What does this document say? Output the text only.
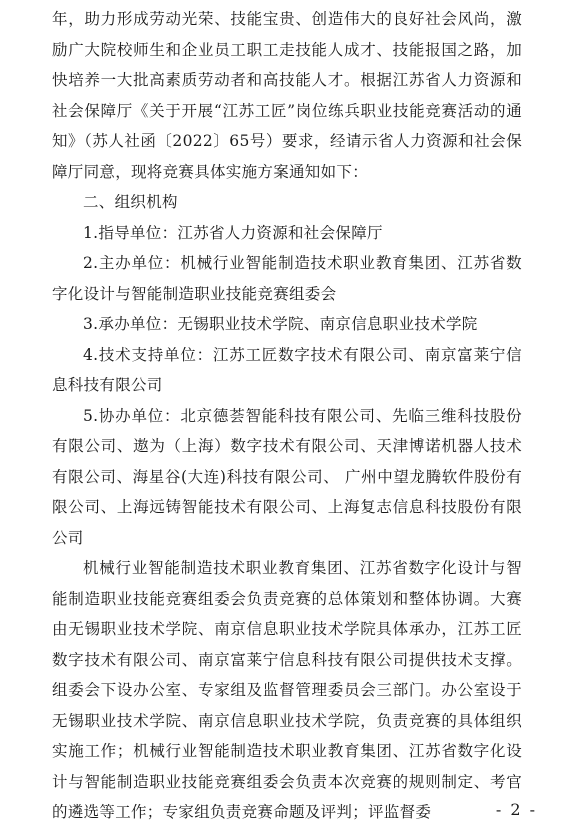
年，助力形成劳动光荣、技能宝贵、创造伟大的良好社会风尚，激励广大院校师生和企业员工职工走技能人成才、技能报国之路，加快培养一大批高素质劳动者和高技能人才。根据江苏省人力资源和社会保障厅《关于开展“江苏工匠”岗位练兵职业技能竞赛活动的通知》（苏人社函〔2022〕65号）要求，经请示省人力资源和社会保障厅同意，现将竞赛具体实施方案通知如下：

二、组织机构

1.指导单位：江苏省人力资源和社会保障厅

2.主办单位：机械行业智能制造技术职业教育集团、江苏省数字化设计与智能制造职业技能竞赛组委会

3.承办单位：无锡职业技术学院、南京信息职业技术学院

4.技术支持单位：江苏工匠数字技术有限公司、南京富莱宁信息科技有限公司

5.协办单位：北京德荟智能科技有限公司、先临三维科技股份有限公司、遨为（上海）数字技术有限公司、天津博诺机器人技术有限公司、海星谷(大连)科技有限公司、 广州中望龙腾软件股份有限公司、上海远铸智能技术有限公司、上海复志信息科技股份有限公司

机械行业智能制造技术职业教育集团、江苏省数字化设计与智能制造职业技能竞赛组委会负责竞赛的总体策划和整体协调。大赛由无锡职业技术学院、南京信息职业技术学院具体承办，江苏工匠数字技术有限公司、南京富莱宁信息科技有限公司提供技术支撑。组委会下设办公室、专家组及监督管理委员会三部门。办公室设于无锡职业技术学院、南京信息职业技术学院，负责竞赛的具体组织实施工作；机械行业智能制造技术职业教育集团、江苏省数字化设计与智能制造职业技能竞赛组委会负责本次竞赛的规则制定、考官的遴选等工作；专家组负责竞赛命题及评判；评监督委	- 2 -
